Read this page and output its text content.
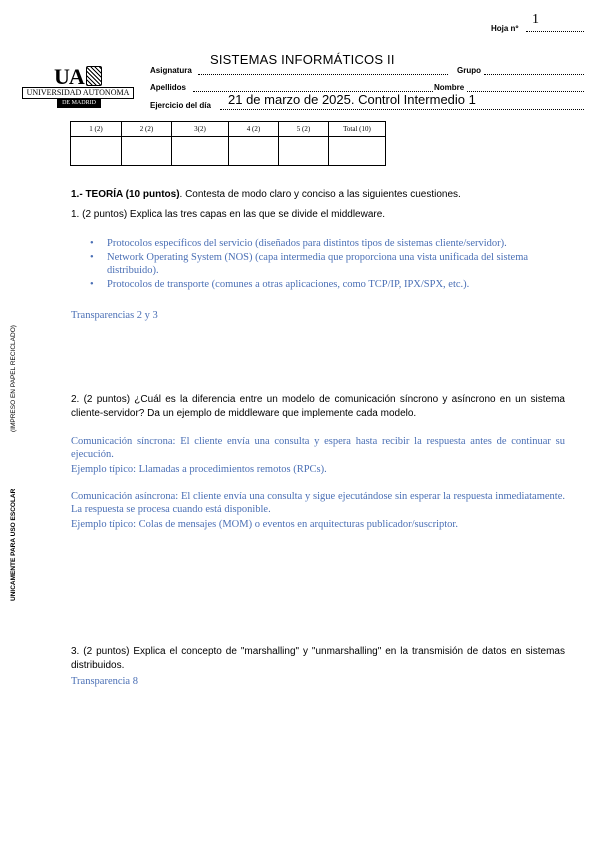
Hoja nº
1
UA
UNIVERSIDAD AUTONOMA
DE MADRID
Asignatura
SISTEMAS INFORMÁTICOS II
Grupo
Apellidos	Nombre
Ejercicio del día 21 de marzo de 2025. Control Intermedio 1
1 (2)	2 (2)	3(2)	4 (2)	5 (2)	Total (10)

UNICAMENTE PARA USO ESCOLAR
(IMPRESO EN PAPEL RECICLADO)
1.- TEORÍA (10 puntos). Contesta de modo claro y conciso a las siguientes cuestiones.
1. (2 puntos) Explica las tres capas en las que se divide el middleware.
• Protocolos específicos del servicio (diseñados para distintos tipos de sistemas cliente/servidor).
• Network Operating System (NOS) (capa intermedia que proporciona una vista unificada del sistema distribuido).
• Protocolos de transporte (comunes a otras aplicaciones, como TCP/IP, IPX/SPX, etc.).
Transparencias 2 y 3
2. (2 puntos) ¿Cuál es la diferencia entre un modelo de comunicación síncrono y asíncrono en un sistema cliente-servidor? Da un ejemplo de middleware que implemente cada modelo.
Comunicación síncrona: El cliente envía una consulta y espera hasta recibir la respuesta antes de continuar su ejecución.
Ejemplo típico: Llamadas a procedimientos remotos (RPCs).
Comunicación asíncrona: El cliente envía una consulta y sigue ejecutándose sin esperar la respuesta inmediatamente. La respuesta se procesa cuando está disponible.
Ejemplo típico: Colas de mensajes (MOM) o eventos en arquitecturas publicador/suscriptor.
3. (2 puntos) Explica el concepto de "marshalling" y "unmarshalling" en la transmisión de datos en sistemas distribuidos.
Transparencia 8
